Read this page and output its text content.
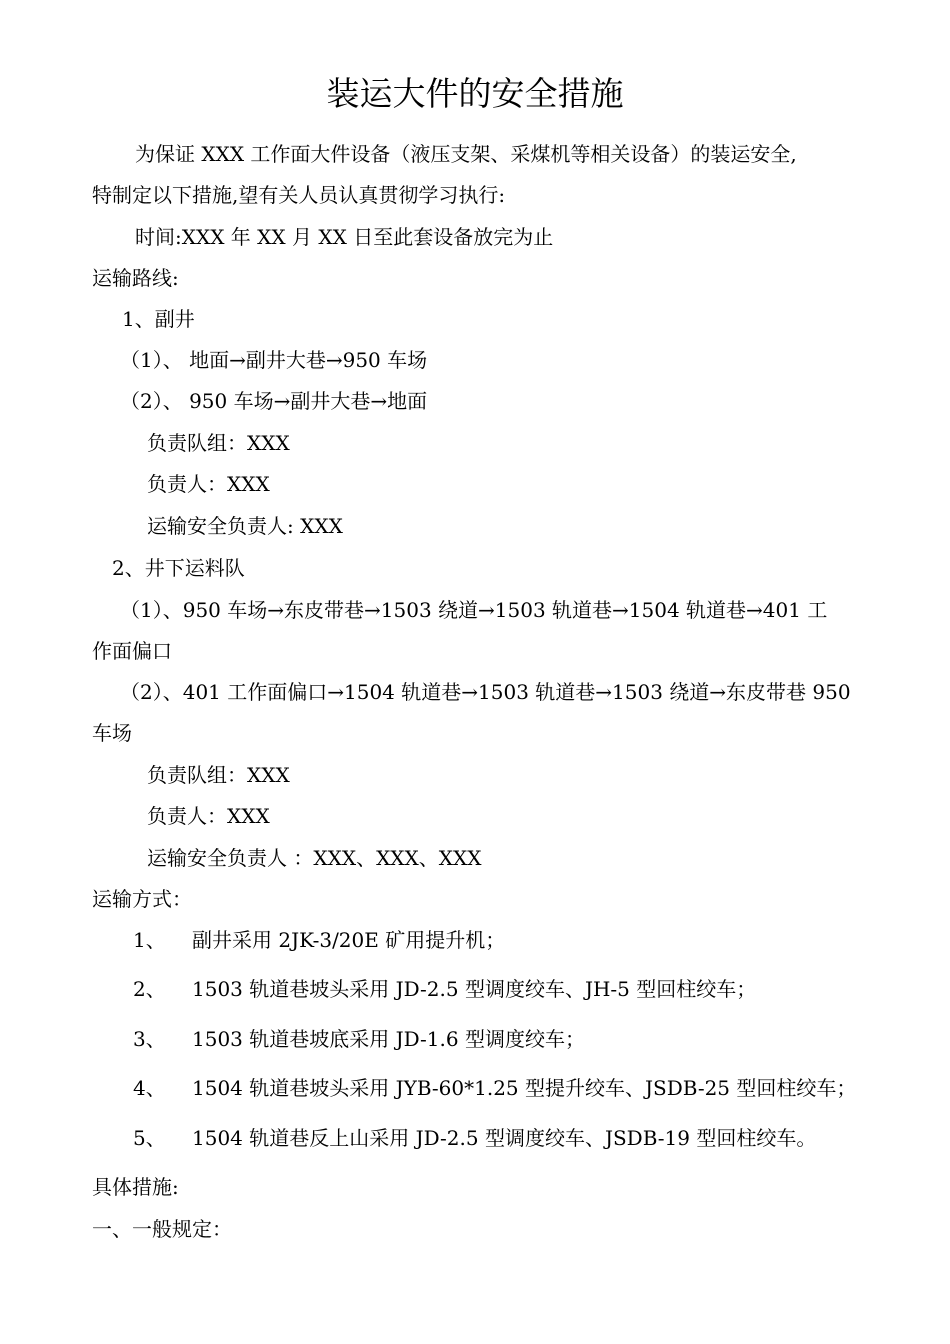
装运大件的安全措施
为保证 XXX 工作面大件设备（液压支架、采煤机等相关设备）的装运安全,
特制定以下措施,望有关人员认真贯彻学习执行:
时间:XXX 年 XX 月 XX 日至此套设备放完为止
运输路线:
1、副井
（1）、 地面→副井大巷→950 车场
（2）、 950 车场→副井大巷→地面
负责队组：XXX
负责人：XXX
运输安全负责人: XXX
2、井下运料队
（1）、950 车场→东皮带巷→1503 绕道→1503 轨道巷→1504 轨道巷→401 工
作面偏口
（2）、401 工作面偏口→1504 轨道巷→1503 轨道巷→1503 绕道→东皮带巷 950
车场
负责队组：XXX
负责人：XXX
运输安全负责人 ：XXX、XXX、XXX
运输方式：
1、 副井采用 2JK-3/20E 矿用提升机；
2、 1503 轨道巷坡头采用 JD-2.5 型调度绞车、JH-5 型回柱绞车；
3、 1503 轨道巷坡底采用 JD-1.6 型调度绞车；
4、 1504 轨道巷坡头采用 JYB-60*1.25 型提升绞车、JSDB-25 型回柱绞车；
5、 1504 轨道巷反上山采用 JD-2.5 型调度绞车、JSDB-19 型回柱绞车。
具体措施:
一、一般规定：
